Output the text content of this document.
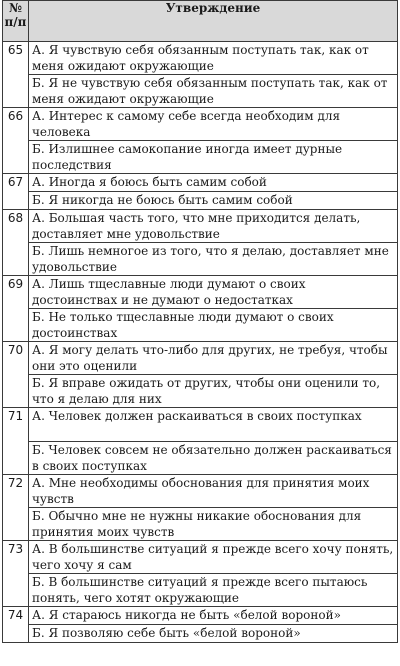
№
п/п	Утверждение
65	А. Я чувствую себя обязанным поступать так, как от меня ожидают окружающие
	Б. Я не чувствую себя обязанным поступать так, как от меня ожидают окружающие
66	А. Интерес к самому себе всегда необходим для человека
	Б. Излишнее самокопание иногда имеет дурные последствия
67	А. Иногда я боюсь быть самим собой
	Б. Я никогда не боюсь быть самим собой
68	А. Большая часть того, что мне приходится делать, доставляет мне удовольствие
	Б. Лишь немногое из того, что я делаю, доставляет мне удовольствие
69	А. Лишь тщеславные люди думают о своих достоинствах и не думают о недостатках
	Б. Не только тщеславные люди думают о своих достоинствах
70	А. Я могу делать что-либо для других, не требуя, чтобы они это оценили
	Б. Я вправе ожидать от других, чтобы они оценили то, что я делаю для них
71	А. Человек должен раскаиваться в своих поступках
	Б. Человек совсем не обязательно должен раскаиваться в своих поступках
72	А. Мне необходимы обоснования для принятия моих чувств
	Б. Обычно мне не нужны никакие обоснования для принятия моих чувств
73	А. В большинстве ситуаций я прежде всего хочу понять, чего хочу я сам
	Б. В большинстве ситуаций я прежде всего пытаюсь понять, чего хотят окружающие
74	А. Я стараюсь никогда не быть «белой вороной»
	Б. Я позволяю себе быть «белой вороной»
